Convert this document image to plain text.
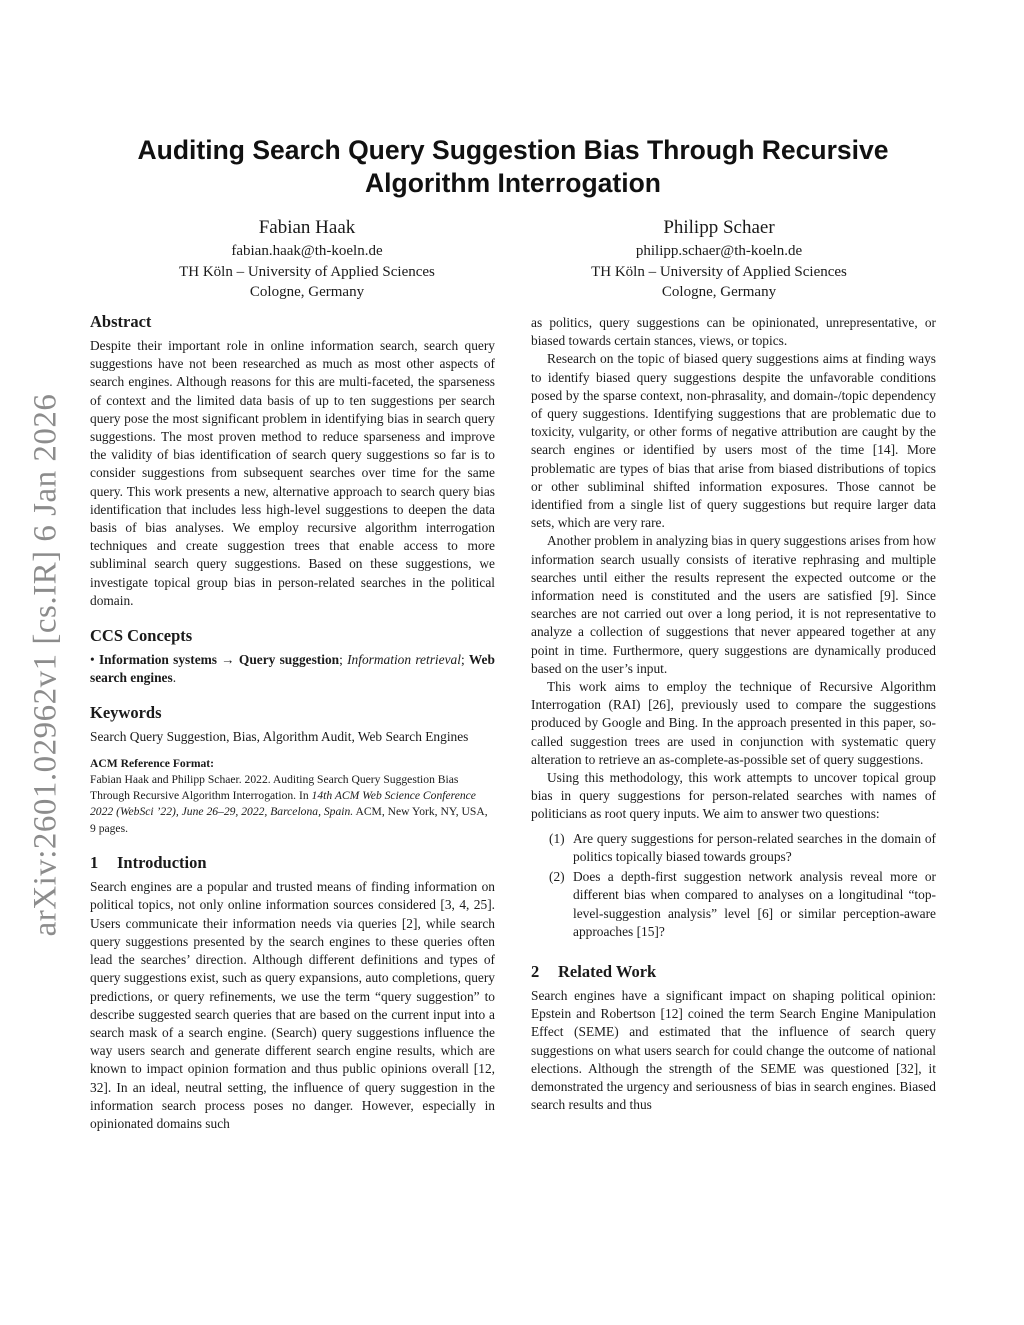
arXiv:2601.02962v1 [cs.IR] 6 Jan 2026
Auditing Search Query Suggestion Bias Through Recursive
Algorithm Interrogation
Fabian Haak
fabian.haak@th-koeln.de
TH Köln – University of Applied Sciences
Cologne, Germany
Philipp Schaer
philipp.schaer@th-koeln.de
TH Köln – University of Applied Sciences
Cologne, Germany
Abstract

Despite their important role in online information search, search query suggestions have not been researched as much as most other aspects of search engines. Although reasons for this are multi-faceted, the sparseness of context and the limited data basis of up to ten suggestions per search query pose the most significant problem in identifying bias in search query suggestions. The most proven method to reduce sparseness and improve the validity of bias identification of search query suggestions so far is to consider suggestions from subsequent searches over time for the same query. This work presents a new, alternative approach to search query bias identification that includes less high-level suggestions to deepen the data basis of bias analyses. We employ recursive algorithm interrogation techniques and create suggestion trees that enable access to more subliminal search query suggestions. Based on these suggestions, we investigate topical group bias in person-related searches in the political domain.

CCS Concepts
• Information systems → Query suggestion; Information retrieval; Web search engines.
Keywords

Search Query Suggestion, Bias, Algorithm Audit, Web Search Engines

ACM Reference Format:
Fabian Haak and Philipp Schaer. 2022. Auditing Search Query Suggestion Bias Through Recursive Algorithm Interrogation. In 14th ACM Web Science Conference 2022 (WebSci ’22), June 26–29, 2022, Barcelona, Spain. ACM, New York, NY, USA, 9 pages.
1 Introduction

Search engines are a popular and trusted means of finding information on political topics, not only online information sources considered [3, 4, 25]. Users communicate their information needs via queries [2], while search query suggestions presented by the search engines to these queries often lead the searches’ direction. Although different definitions and types of query suggestions exist, such as query expansions, auto completions, query predictions, or query refinements, we use the term “query suggestion” to describe suggested search queries that are based on the current input into a search mask of a search engine. (Search) query suggestions influence the way users search and generate different search engine results, which are known to impact opinion formation and thus public opinions overall [12, 32]. In an ideal, neutral setting, the influence of query suggestion in the information search process poses no danger. However, especially in opinionated domains such

as politics, query suggestions can be opinionated, unrepresentative, or biased towards certain stances, views, or topics.

Research on the topic of biased query suggestions aims at finding ways to identify biased query suggestions despite the unfavorable conditions posed by the sparse context, non-phrasality, and domain-/topic dependency of query suggestions. Identifying suggestions that are problematic due to toxicity, vulgarity, or other forms of negative attribution are caught by the search engines or identified by users most of the time [14]. More problematic are types of bias that arise from biased distributions of topics or other subliminal shifted information exposures. Those cannot be identified from a single list of query suggestions but require larger data sets, which are very rare.

Another problem in analyzing bias in query suggestions arises from how information search usually consists of iterative rephrasing and multiple searches until either the results represent the expected outcome or the information need is constituted and the users are satisfied [9]. Since searches are not carried out over a long period, it is not representative to analyze a collection of suggestions that never appeared together at any point in time. Furthermore, query suggestions are dynamically produced based on the user’s input.

This work aims to employ the technique of Recursive Algorithm Interrogation (RAI) [26], previously used to compare the suggestions produced by Google and Bing. In the approach presented in this paper, so-called suggestion trees are used in conjunction with systematic query alteration to retrieve an as-complete-as-possible set of query suggestions.

Using this methodology, this work attempts to uncover topical group bias in query suggestions for person-related searches with names of politicians as root query inputs. We aim to answer two questions:

(1) Are query suggestions for person-related searches in the domain of politics topically biased towards groups?
(2) Does a depth-first suggestion network analysis reveal more or different bias when compared to analyses on a longitudinal “top-level-suggestion analysis” level [6] or similar perception-aware approaches [15]?
2 Related Work

Search engines have a significant impact on shaping political opinion: Epstein and Robertson [12] coined the term Search Engine Manipulation Effect (SEME) and estimated that the influence of search query suggestions on what users search for could change the outcome of national elections. Although the strength of the SEME was questioned [32], it demonstrated the urgency and seriousness of bias in search engines. Biased search results and thus
